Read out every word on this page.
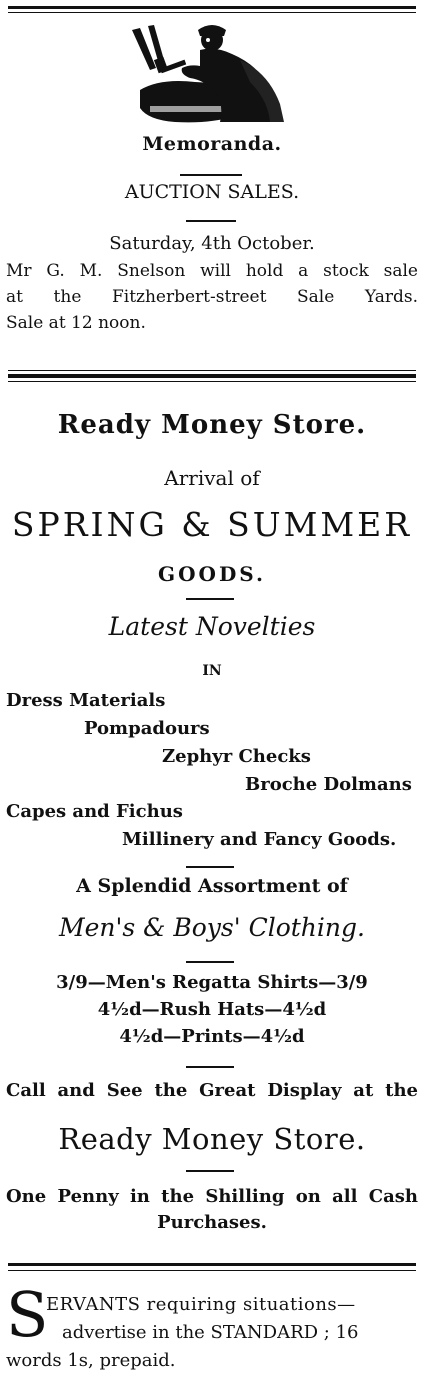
Memoranda.
AUCTION SALES.
Saturday, 4th October.
Mr G. M. Snelson will hold a stock sale
at the Fitzherbert-street Sale Yards.
Sale at 12 noon.
Ready Money Store.
Arrival of
SPRING & SUMMER
GOODS.
Latest Novelties
IN
Dress Materials
Pompadours
Zephyr Checks
Broche Dolmans
Capes and Fichus
Millinery and Fancy Goods.
A Splendid Assortment of
Men's & Boys' Clothing.
3/9—Men's Regatta Shirts—3/9
4½d—Rush Hats—4½d
4½d—Prints—4½d
Call and See the Great Display at the
Ready Money Store.
One Penny in the Shilling on all Cash
Purchases.
S
ERVANTS requiring situations—
advertise in the STANDARD ; 16
words 1s, prepaid.
